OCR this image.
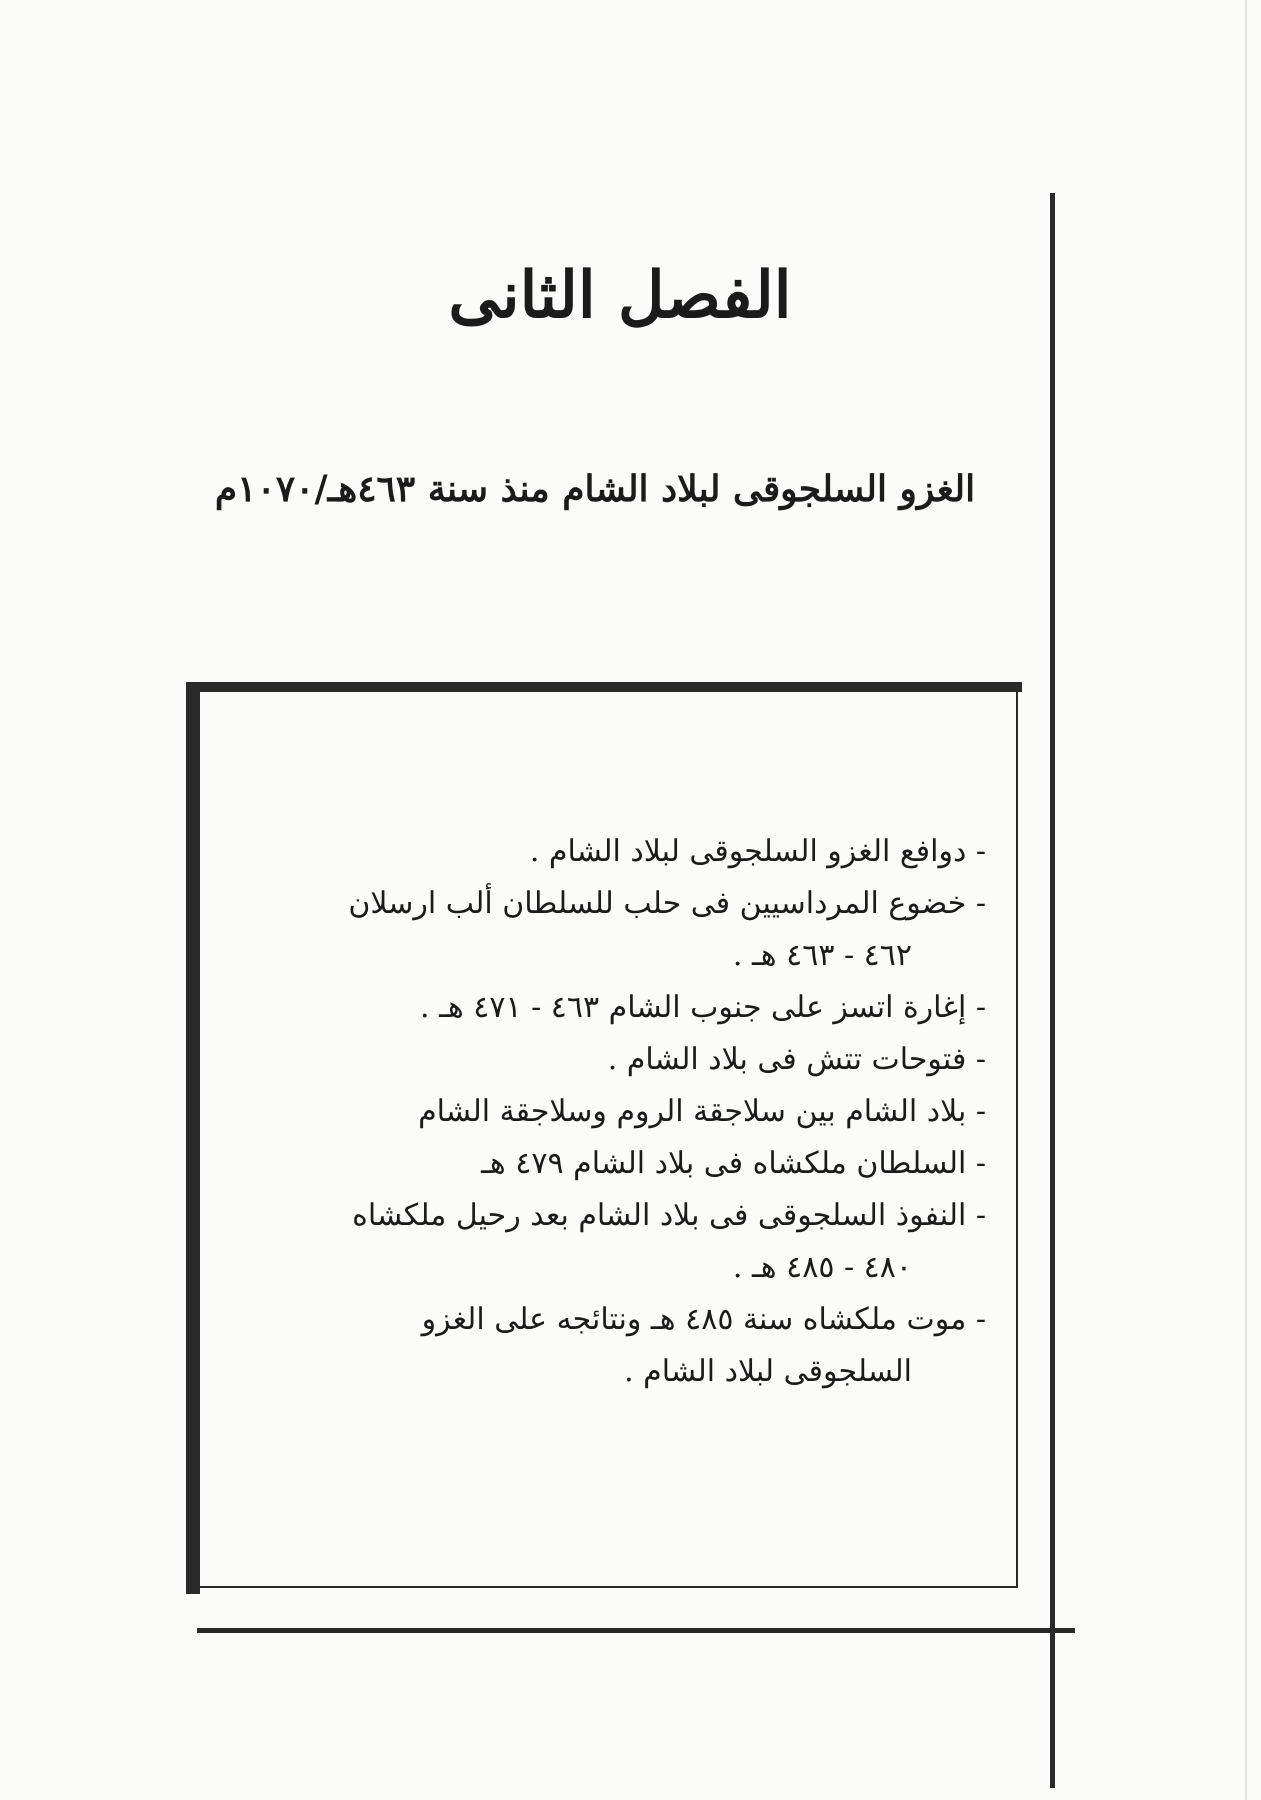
الفصل الثانى
الغزو السلجوقى لبلاد الشام منذ سنة ٤٦٣هـ/١٠٧٠م
- دوافع الغزو السلجوقى لبلاد الشام .
- خضوع المرداسيين فى حلب للسلطان ألب ارسلان
٤٦٢ - ٤٦٣ هـ .
- إغارة اتسز على جنوب الشام ٤٦٣ - ٤٧١ هـ .
- فتوحات تتش فى بلاد الشام .
- بلاد الشام بين سلاجقة الروم وسلاجقة الشام
- السلطان ملكشاه فى بلاد الشام ٤٧٩ هـ
- النفوذ السلجوقى فى بلاد الشام بعد رحيل ملكشاه
٤٨٠ - ٤٨٥ هـ .
- موت ملكشاه سنة ٤٨٥ هـ ونتائجه على الغزو
السلجوقى لبلاد الشام .
